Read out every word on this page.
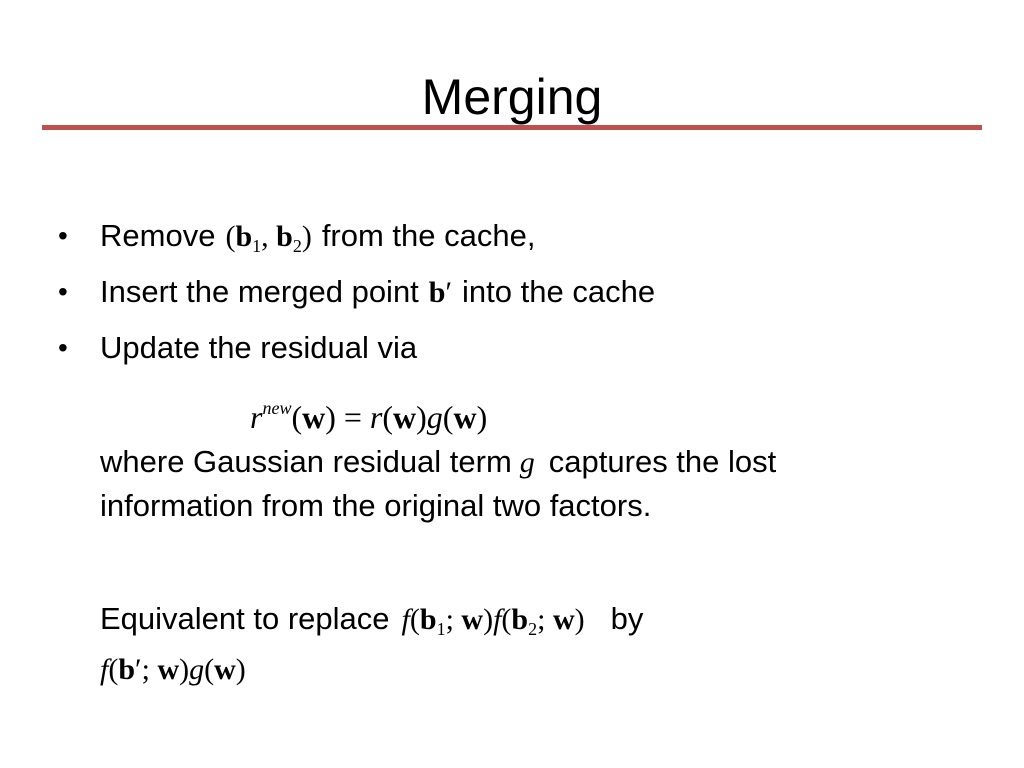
Merging
• Remove ($b_1$, $b_2$) from the cache,
• Insert the merged point b′ into the cache
• Update the residual via
$r^{new}(w) = r(w)g(w)$
where Gaussian residual term g captures the lost
information from the original two factors.
Equivalent to replace $f(b_1$; $w)f(b_2$; w) by
f(b′; w)g(w)
